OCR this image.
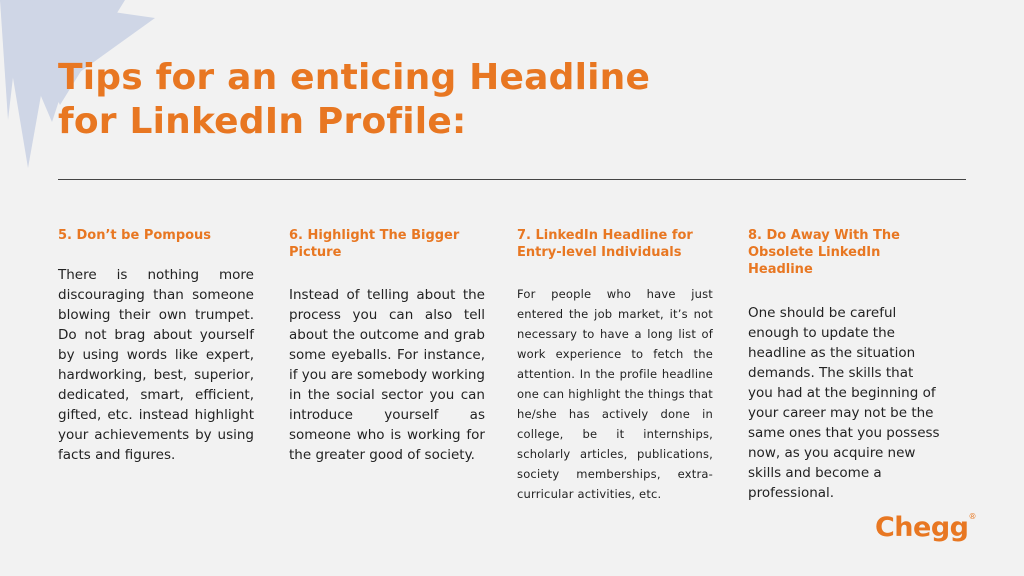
Tips for an enticing Headline
for LinkedIn Profile:
5. Don’t be Pompous

There is nothing more discouraging than someone blowing their own trumpet. Do not brag about yourself by using words like expert, hardworking, best, superior, dedicated, smart, efficient, gifted, etc. instead highlight your achievements by using facts and figures.

6. Highlight The Bigger Picture

Instead of telling about the process you can also tell about the outcome and grab some eyeballs. For instance, if you are somebody working in the social sector you can introduce yourself as someone who is working for the greater good of society.

7. LinkedIn Headline for Entry-level Individuals

For people who have just entered the job market, it’s not necessary to have a long list of work experience to fetch the attention. In the profile headline one can highlight the things that he/she has actively done in college, be it internships, scholarly articles, publications, society memberships, extra-curricular activities, etc.

8. Do Away With The Obsolete LinkedIn Headline

One should be careful enough to update the headline as the situation demands. The skills that you had at the beginning of your career may not be the same ones that you possess now, as you acquire new skills and become a professional.

Chegg®
